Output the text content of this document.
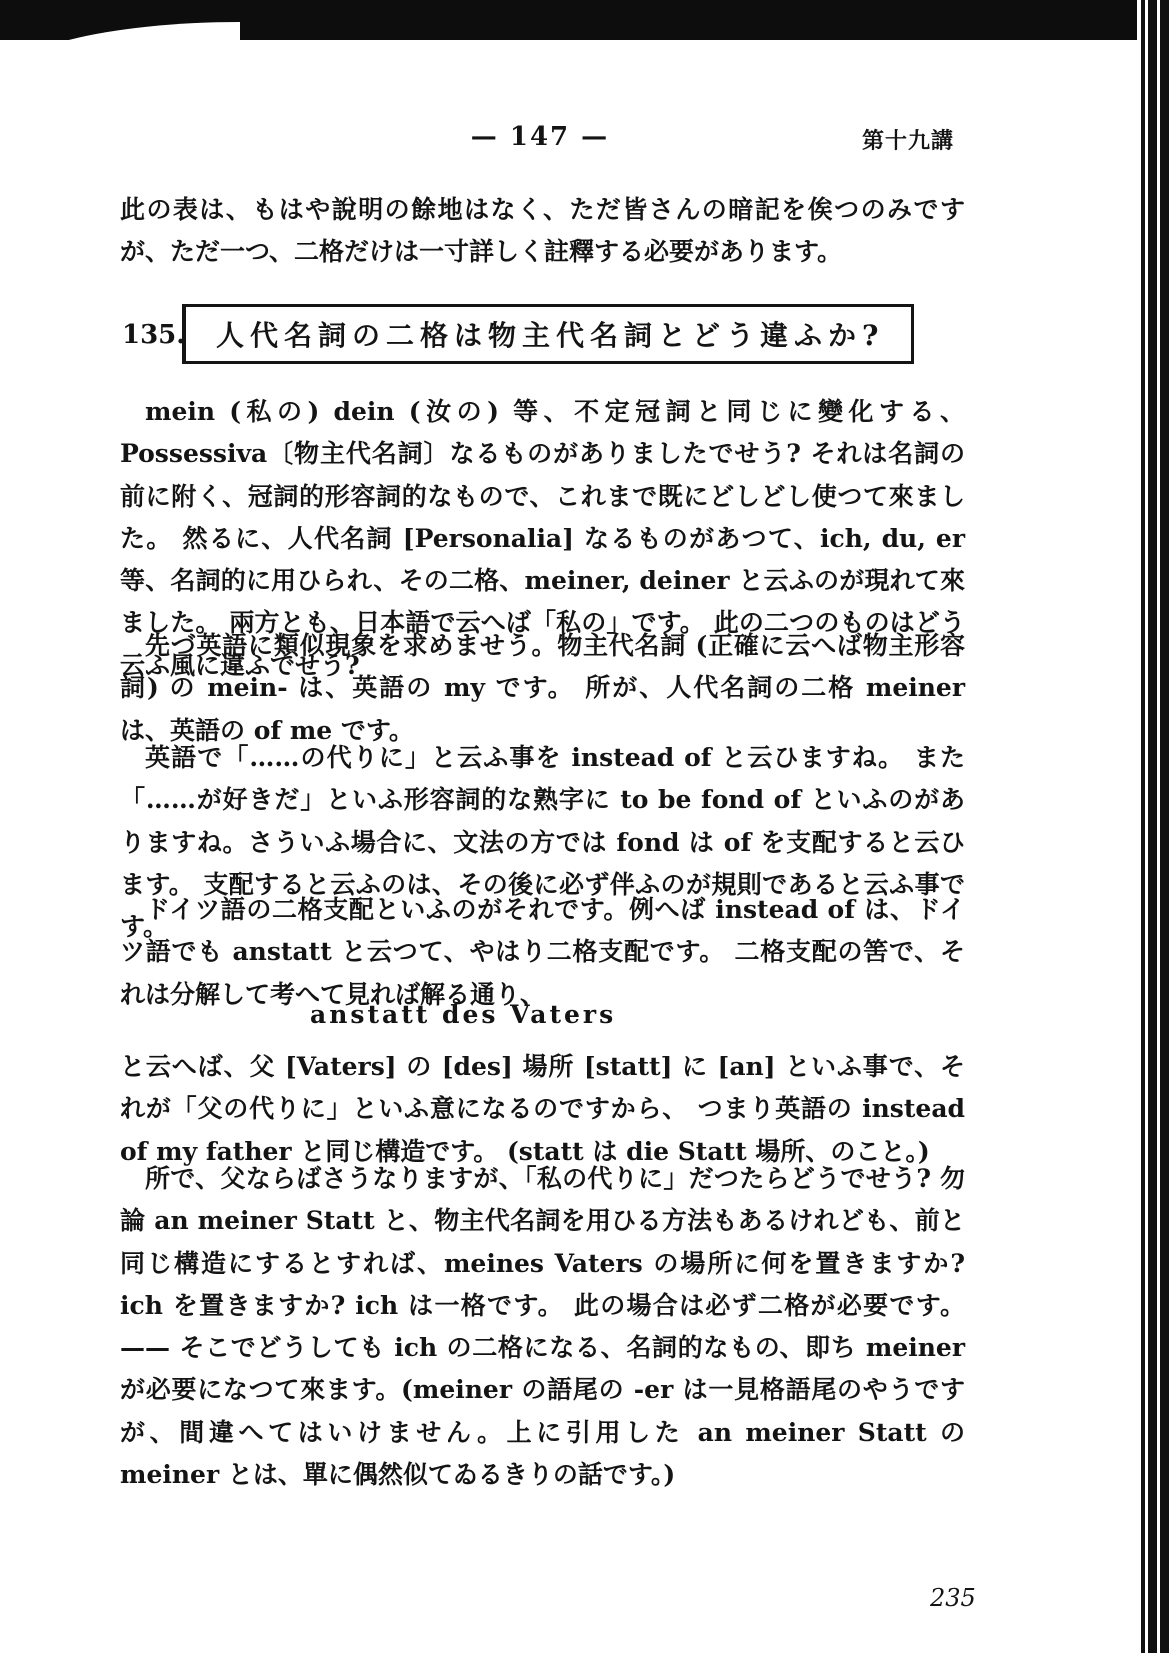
— 147 —	第十九講
此の表は、もはや說明の餘地はなく、ただ皆さんの暗記を俟つのみですが、ただ一つ、二格だけは一寸詳しく註釋する必要があります。
135. 人代名詞の二格は物主代名詞とどう違ふか?
mein (私の) dein (汝の) 等、不定冠詞と同じに變化する、Possessiva〔物主代名詞〕なるものがありましたでせう? それは名詞の前に附く、冠詞的形容詞的なもので、これまで既にどしどし使つて來ました。 然るに、人代名詞 [Personalia] なるものがあつて、ich, du, er 等、名詞的に用ひられ、その二格、meiner, deiner と云ふのが現れて來ました。 兩方とも、日本語で云へば「私の」です。 此の二つのものはどう云ふ風に違ふでせう?
先づ英語に類似現象を求めませう。物主代名詞 (正確に云へば物主形容詞) の mein- は、英語の my です。 所が、人代名詞の二格 meiner は、英語の of me です。
英語で「……の代りに」と云ふ事を instead of と云ひますね。 また「……が好きだ」といふ形容詞的な熟字に to be fond of といふのがありますね。さういふ場合に、文法の方では fond は of を支配すると云ひます。 支配すると云ふのは、その後に必ず伴ふのが規則であると云ふ事です。
ドイツ語の二格支配といふのがそれです。例へば instead of は、ドイツ語でも anstatt と云つて、やはり二格支配です。 二格支配の筈で、それは分解して考へて見れば解る通り、
anstatt des Vaters
と云へば、父 [Vaters] の [des] 場所 [statt] に [an] といふ事で、それが「父の代りに」といふ意になるのですから、 つまり英語の instead of my father と同じ構造です。 (statt は die Statt 場所、のこと。)
所で、父ならばさうなりますが、「私の代りに」だつたらどうでせう? 勿論 an meiner Statt と、物主代名詞を用ひる方法もあるけれども、前と同じ構造にするとすれば、meines Vaters の場所に何を置きますか? ich を置きますか? ich は一格です。 此の場合は必ず二格が必要です。—— そこでどうしても ich の二格になる、名詞的なもの、即ち meiner が必要になつて來ます。(meiner の語尾の -er は一見格語尾のやうですが、間違へてはいけません。上に引用した an meiner Statt の meiner とは、單に偶然似てゐるきりの話です。)
235
